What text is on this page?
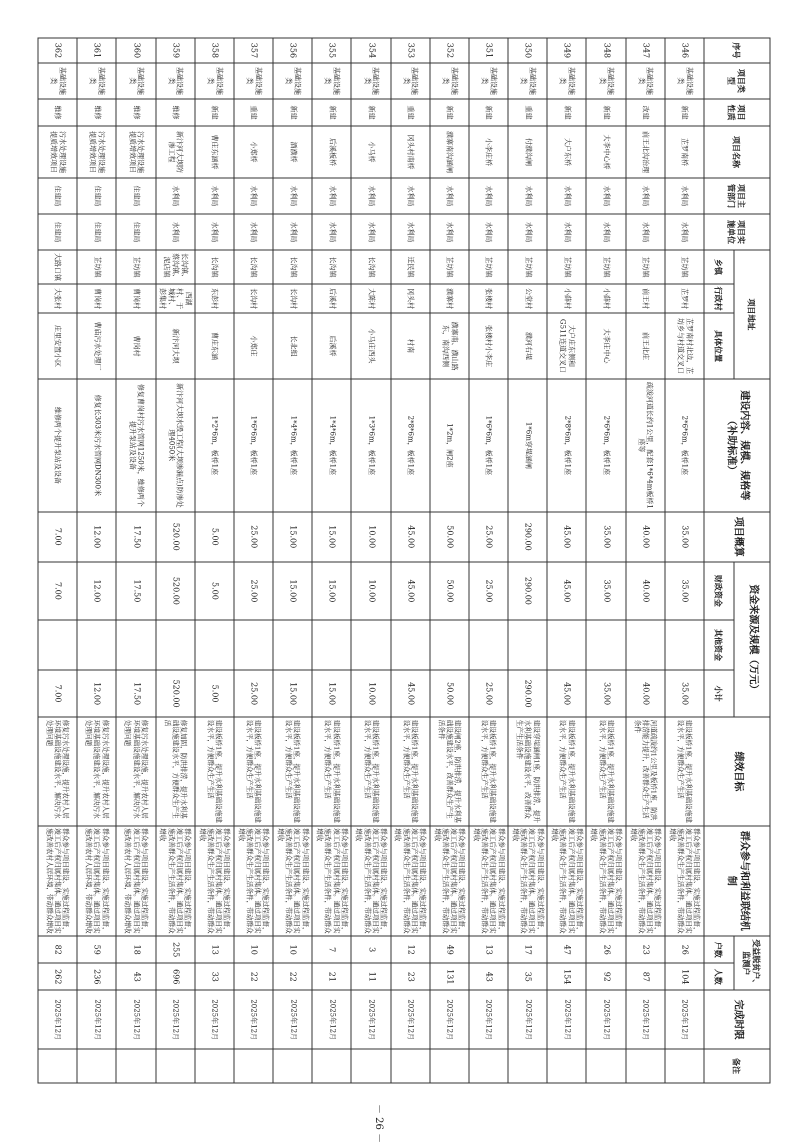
序号	项目类型	项目性质	项目名称	项目主管部门	项目实施单位	项目地址			建设内容、规模、规格等（补助标准）	项目概算	资金来源及规模（万元）			绩效目标	群众参与和利益联结机制	受益脱贫户、监测户		完成时限	备注
						乡镇	行政村	具体位置			财政资金	其他资金	小计			户数	人数		
346	基础设施类	新建	芷罗南桥	水利局	水利局	芷坊镇	芷罗村	芷罗南村北边，芷坊乡与村道交叉口	2*6*6m，板桥1座	35.00	35.00		35.00	建设板桥1座，提升水利基础设施建设水平，方便群众生产生活	群众参与项目建设、实施过程监督，竣工后产权归属村集体。通过项目实施改善群众生产生活条件，带动群众增收	26	104	2025年12月	
347	基础设施类	改建	前王北沟治理	水利局	水利局	芷坊镇	前王村	前王北庄	疏浚河道长约1公里，配套1*6*4m板桥1座等	40.00	40.00		40.00	河道疏浚约1公里及板桥1座，防洪排涝能力提升，改善群众生产生活条件	群众参与项目建设、实施过程监督，竣工后产权归属村集体。通过项目实施改善群众生产生活条件，带动群众增收	23	87	2025年12月	
348	基础设施类	新建	大李中心桥	水利局	水利局	芷坊镇	小薛村	大李庄中心	2*6*6m，板桥1座	35.00	35.00		35.00	建设板桥1座，提升水利基础设施建设水平，方便群众生产生活	群众参与项目建设、实施过程监督，竣工后产权归属村集体。通过项目实施改善群众生产生活条件，带动群众增收	26	92	2025年12月	
349	基础设施类	新建	大户东桥	水利局	水利局	芷坊镇	小薛村	大户庄东侧和G511连道交叉口	2*8*6m，板桥1座	45.00	45.00		45.00	建设板桥1座，提升水利基础设施建设水平，方便群众生产生活	群众参与项目建设、实施过程监督，竣工后产权归属村集体。通过项目实施改善群众生产生活条件，带动群众增收	47	154	2025年12月	
350	基础设施类	重建	付濮沟闸	水利局	水利局	芷坊镇	公堂村	濮河右堤	1*6m穿堤涵闸	290.00	290.00		290.00	建设穿堤涵闸1座，防洪排涝，提升水利基础设施建设水平，改善群众生产生活条件	群众参与项目建设、实施过程监督，竣工后产权归属村集体。通过项目实施改善群众生产生活条件，带动群众增收	17	35	2025年12月	
351	基础设施类	新建	小李庄桥	水利局	水利局	芷坊镇	张楼村	张楼村小李庄	1*6*6m，板桥1座	25.00	25.00		25.00	建设板桥1座，提升水利基础设施建设水平，方便群众生产生活	群众参与项目建设、实施过程监督，竣工后产权归属村集体。通过项目实施改善群众生产生活条件，带动群众增收	13	43	2025年12月	
352	基础设施类	新建	濮寨南沟涵闸	水利局	水利局	芷坊镇	濮寨村	濮寨南、濮山路东，南沟西侧	1*2m，闸2座	50.00	50.00		50.00	建设闸2座，防洪排涝，提升水利基础设施建设水平，改善群众生产生活条件	群众参与项目建设、实施过程监督，竣工后产权归属村集体。通过项目实施改善群众生产生活条件，带动群众增收	49	131	2025年12月	
353	基础设施类	重建	冈头村南桥	水利局	水利局	迁民镇	冈头村	村南	2*8*6m，板桥1座	45.00	45.00		45.00	建设板桥1座，提升水利基础设施建设水平，方便群众生产生活	群众参与项目建设、实施过程监督，竣工后产权归属村集体。通过项目实施改善群众生产生活条件，带动群众增收	12	23	2025年12月	
354	基础设施类	新建	小马桥	水利局	水利局	长沟镇	大陈村	小马庄西头	1*3*6m，板桥1座	10.00	10.00		10.00	建设板桥1座，提升水利基础设施建设水平，方便群众生产生活	群众参与项目建设、实施过程监督，竣工后产权归属村集体。通过项目实施改善群众生产生活条件，带动群众增收	3	11	2025年12月	
355	基础设施类	新建	后溪板桥	水利局	水利局	长沟镇	后溪村	后溪桥	1*4*6m，板桥1座	15.00	15.00		15.00	建设板桥1座，提升水利基础设施建设水平，方便群众生产生活	群众参与项目建设、实施过程监督，竣工后产权归属村集体。通过项目实施改善群众生产生活条件，带动群众增收	7	21	2025年12月	
356	基础设施类	新建	酒濮桥	水利局	水利局	长沟镇	长沟村	长北组	1*4*6m，板桥1座	15.00	15.00		15.00	建设板桥1座，提升水利基础设施建设水平，方便群众生产生活	群众参与项目建设、实施过程监督，竣工后产权归属村集体。通过项目实施改善群众生产生活条件，带动群众增收	10	22	2025年12月	
357	基础设施类	重建	小郑桥	水利局	水利局	长沟镇	长沟村	小郑庄	1*6*6m，板桥1座	25.00	25.00		25.00	建设板桥1座，提升水利基础设施建设水平，方便群众生产生活	群众参与项目建设、实施过程监督，竣工后产权归属村集体。通过项目实施改善群众生产生活条件，带动群众增收	10	22	2025年12月	
358	基础设施类	新建	曹庄东涵桥	水利局	水利局	长沟镇	东彭村	曹庄东涵	1*2*6m，板桥1座	5.00	5.00		5.00	建设板桥1座，提升水利基础设施建设水平，方便群众生产生活	群众参与项目建设、实施过程监督，竣工后产权归属村集体。通过项目实施改善群众生产生活条件，带动群众增收	13	33	2025年12月	
359	基础设施类	维修	新汴河大坝防渗工程	水利局	水利局	长沟镇、蔡沟镇、泥店镇	西湖村、于城村、彭集村	新汴河大坝	新汴河大坝水毁工程(大坝渗漏点)防渗处理4050米	520.00	520.00		520.00	修复加固，防洪排涝，提升水利基础设施建设水平，方便群众生产生活	群众参与项目建设、实施过程监督，竣工后产权归属村集体。通过项目实施改善群众生产生活条件，带动群众增收	255	696	2025年12月	
360	基础设施类	维修	污水处理设施提质增效项目	住建局	住建局	芷坊镇	曹岗村	曹岗村	修复曹岗村污水管网1250米，维修两个提升泵站及设备	17.50	17.50		17.50	修复污水处理设施，提升农村人居环境基础设施建设水平，解决污水处理问题	群众参与项目建设、实施过程监督，竣工后产权归属村集体。通过项目实施改善农村人居环境，带动群众增收	18	43	2025年12月	
361	基础设施类	维修	污水处理设施提质增效项目	住建局	住建局	芷坊镇	曹岗村	曹庙污水处理厂	修复长303米污水管网DN300米	12.00	12.00		12.00	修复污水处理设施，提升农村人居环境基础设施建设水平，解决污水处理问题	群众参与项目建设、实施过程监督，竣工后产权归属村集体。通过项目实施改善农村人居环境，带动群众增收	59	236	2025年12月	
362	基础设施类	维修	污水处理设施提质增效项目	住建局	住建局	大路口镇	大张村	庄里安置小区	维修两个提升泵站及设备	7.00	7.00		7.00	修复污水处理设施，提升农村人居环境基础设施建设水平，解决污水处理问题	群众参与项目建设、实施过程监督，竣工后产权归属村集体。通过项目实施改善农村人居环境，带动群众增收	82	262	2025年12月	
－ 26 －
